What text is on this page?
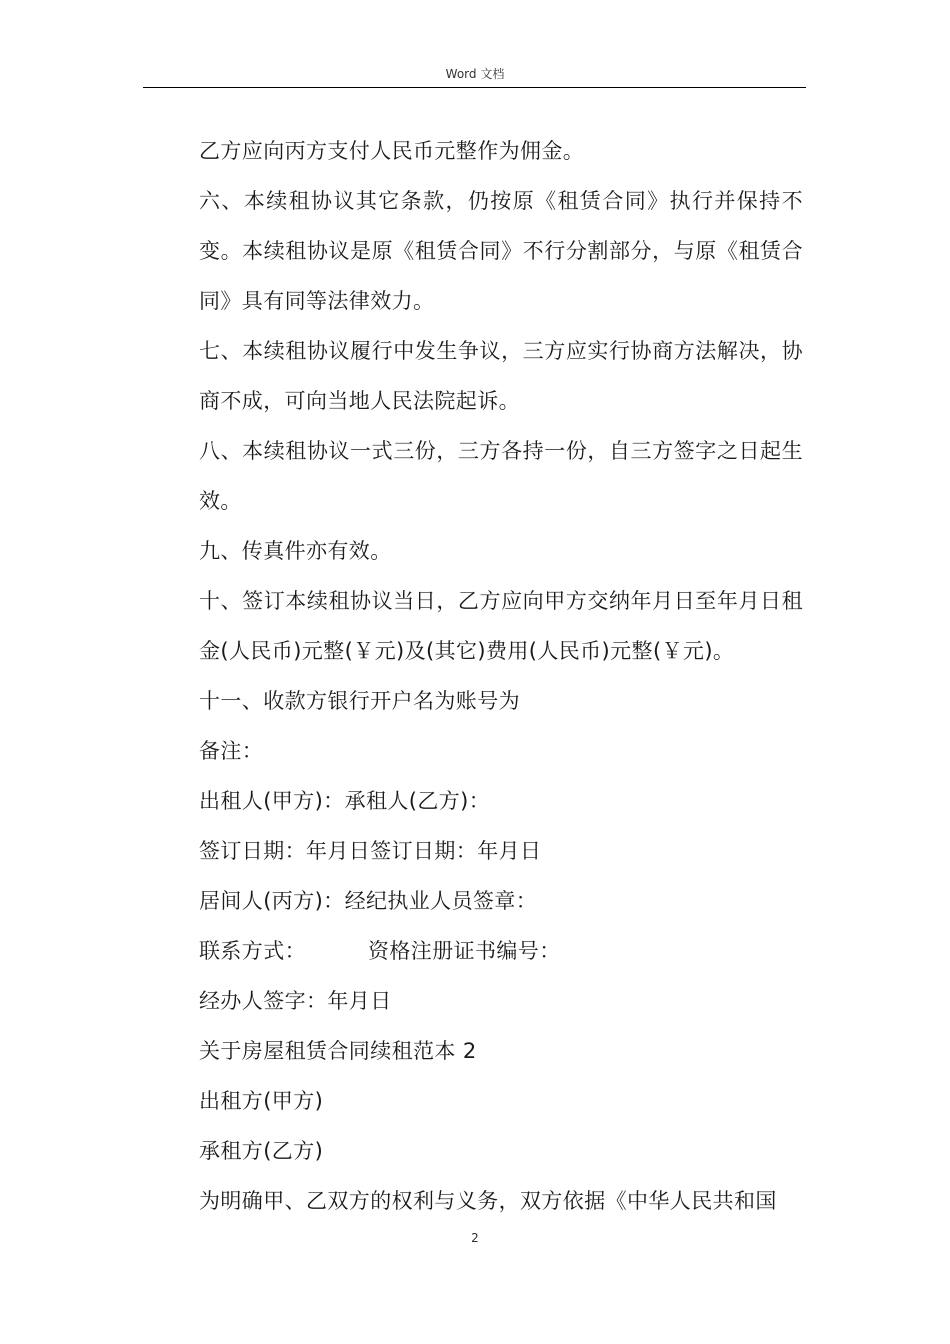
Word 文档

乙方应向丙方支付人民币元整作为佣金。

六、本续租协议其它条款，仍按原《租赁合同》执行并保持不变。本续租协议是原《租赁合同》不行分割部分，与原《租赁合同》具有同等法律效力。

七、本续租协议履行中发生争议，三方应实行协商方法解决，协商不成，可向当地人民法院起诉。

八、本续租协议一式三份，三方各持一份，自三方签字之日起生效。

九、传真件亦有效。

十、签订本续租协议当日，乙方应向甲方交纳年月日至年月日租金(人民币)元整(￥元)及(其它)费用(人民币)元整(￥元)。

十一、收款方银行开户名为账号为

备注：

出租人(甲方)：承租人(乙方)：

签订日期：年月日签订日期：年月日

居间人(丙方)：经纪执业人员签章：

联系方式：	资格注册证书编号：

经办人签字：年月日

关于房屋租赁合同续租范本 2

出租方(甲方)

承租方(乙方)

为明确甲、乙双方的权利与义务，双方依据《中华人民共和国

2
